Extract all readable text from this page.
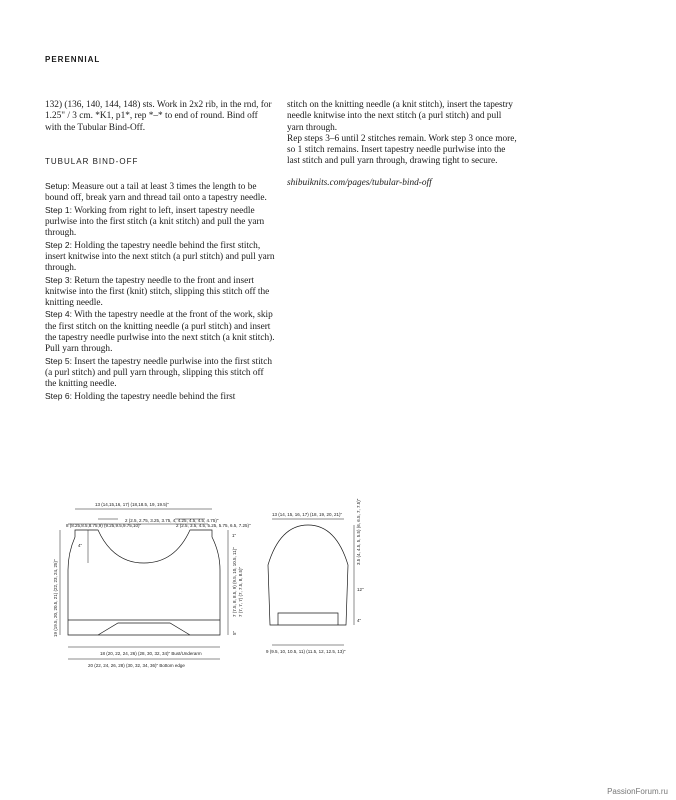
PERENNIAL

132) (136, 140, 144, 148) sts. Work in 2x2 rib, in the rnd, for 1.25" / 3 cm. *K1, p1*, rep *–* to end of round. Bind off with the Tubular Bind-Off.

TUBULAR BIND-OFF

Setup: Measure out a tail at least 3 times the length to be bound off, break yarn and thread tail onto a tapestry needle.

Step 1: Working from right to left, insert tapestry needle purlwise into the first stitch (a knit stitch) and pull the yarn through.

Step 2: Holding the tapestry needle behind the first stitch, insert knitwise into the next stitch (a purl stitch) and pull yarn through.

Step 3: Return the tapestry needle to the front and insert knitwise into the first (knit) stitch, slipping this stitch off the knitting needle.

Step 4: With the tapestry needle at the front of the work, skip the first stitch on the knitting needle (a purl stitch) and insert the tapestry needle purlwise into the next stitch (a knit stitch). Pull yarn through.

Step 5: Insert the tapestry needle purlwise into the first stitch (a purl stitch) and pull yarn through, slipping this stitch off the knitting needle.

Step 6: Holding the tapestry needle behind the first

stitch on the knitting needle (a knit stitch), insert the tapestry needle knitwise into the next stitch (a purl stitch) and pull yarn through.

Rep steps 3–6 until 2 stitches remain. Work step 3 once more, so 1 stitch remains. Insert tapestry needle purlwise into the last stitch and pull yarn through, drawing tight to secure.

shibuiknits.com/pages/tubular-bind-off

13 (14,15,16, 17) (18,18.5, 19, 19.5)"
2 (2.5, 2.75, 3.25, 3.75, 4, 4.25, 4.5, 4.5, 4.75)"
8 (8.25,8.5,8.75,9) (9.25,9.5,9.75,10)"	2 (2.5, 3.5, 4.5, 5.25, 5.75, 6.5, 7.25)"
4"
1"
18 (20, 22, 24, 26) (28, 30, 32, 34)" Bust/Underarm
20 (22, 24, 26, 28) (30, 32, 34, 36)" Bottom edge
19 (19.5, 20, 20.5, 21) (22, 23, 24, 25)"	7 (7.5, 8, 8.5, 9) (9.5, 10, 10.5, 11)" 7 (7, 7, 7) (7, 7.5, 8, 8.5)"
5"
13 (14, 15, 16, 17) (18, 19, 20, 21)"
9 (9.5, 10, 10.5, 11) (11.5, 12, 12.5, 13)"
3.5 (4, 4.5, 5, 5.5) (6, 6.5, 7, 7.5)"
12"
4"
PassionForum.ru
